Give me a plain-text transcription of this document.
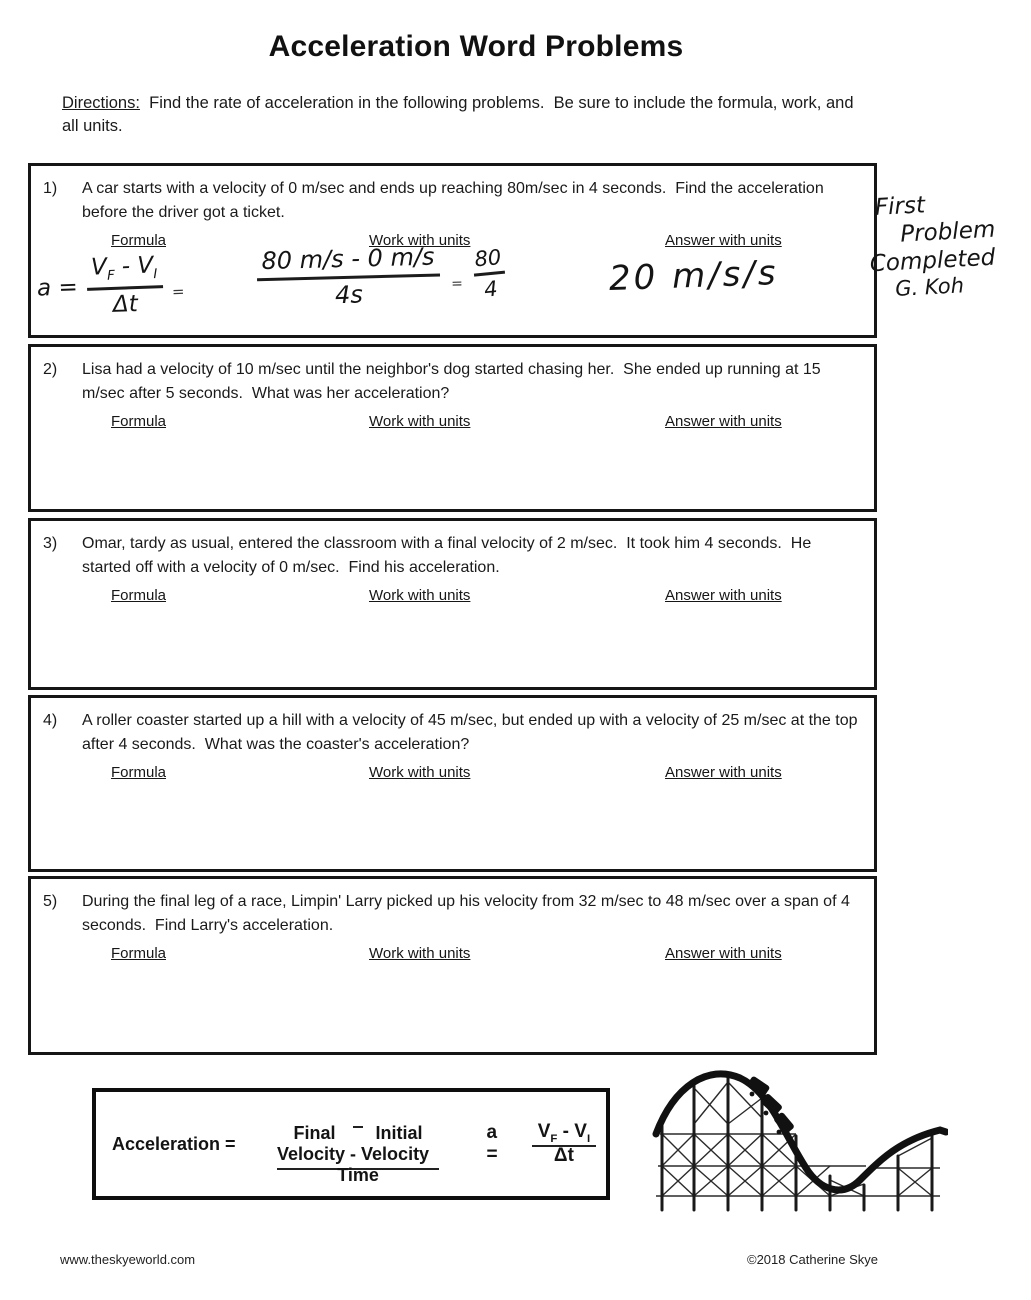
Acceleration Word Problems

Directions:  Find the rate of acceleration in the following problems.  Be sure to include the formula, work, and all units.

1)	A car starts with a velocity of 0 m/sec and ends up reaching 80m/sec in 4 seconds.  Find the acceleration before the driver got a ticket.
Formula	Work with units	Answer with units
$a = \frac{V_F - V_I}{\Delta t}$ =	$\frac{80 m/s - 0 m/s}{4s} = \frac{80}{4}$	20 m/s/s
2)	Lisa had a velocity of 10 m/sec until the neighbor's dog started chasing her.  She ended up running at 15 m/sec after 5 seconds.  What was her acceleration?
Formula	Work with units	Answer with units
3)	Omar, tardy as usual, entered the classroom with a final velocity of 2 m/sec.  It took him 4 seconds.  He started off with a velocity of 0 m/sec.  Find his acceleration.
Formula	Work with units	Answer with units
4)	A roller coaster started up a hill with a velocity of 45 m/sec, but ended up with a velocity of 25 m/sec at the top after 4 seconds.  What was the coaster's acceleration?
Formula	Work with units	Answer with units
5)	During the final leg of a race, Limpin' Larry picked up his velocity from 32 m/sec to 48 m/sec over a span of 4 seconds.  Find Larry's acceleration.
Formula	Work with units	Answer with units
First
Problem
Completed
G. Koh
Acceleration =
Final Initial
Velocity - Velocity Time
a =	$\frac{V_F - V_I}{\Delta t}$
www.theskyeworld.com	©2018 Catherine Skye
